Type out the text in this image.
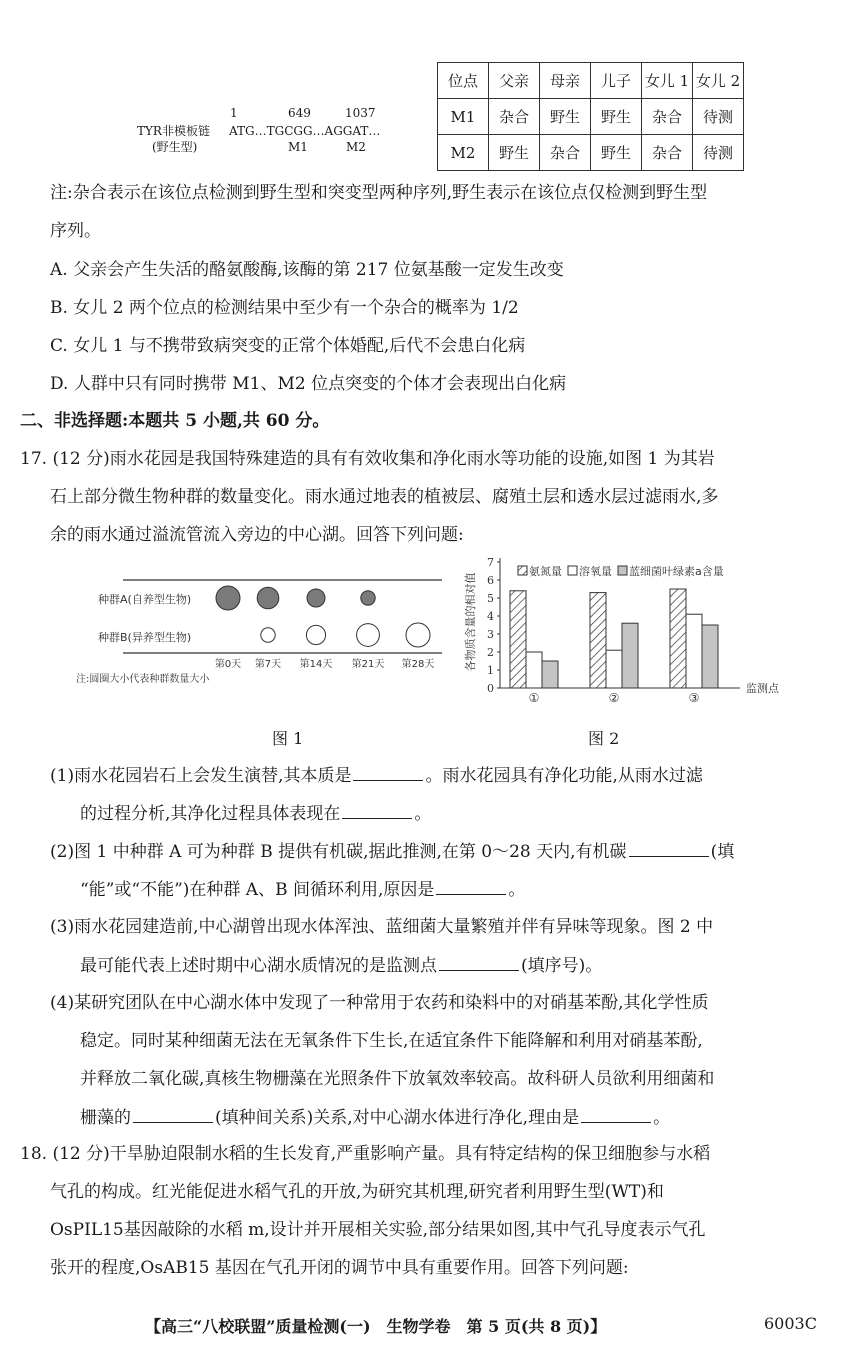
1	649	1037
TYR非模板链 ATG…TGCGG…AGGAT…
(野生型)	M1	M2
位点	父亲	母亲	儿子	女儿 1	女儿 2
M1	杂合	野生	野生	杂合	待测
M2	野生	杂合	野生	杂合	待测
注:杂合表示在该位点检测到野生型和突变型两种序列,野生表示在该位点仅检测到野生型
序列。
A. 父亲会产生失活的酪氨酸酶,该酶的第 217 位氨基酸一定发生改变
B. 女儿 2 两个位点的检测结果中至少有一个杂合的概率为 1/2
C. 女儿 1 与不携带致病突变的正常个体婚配,后代不会患白化病
D. 人群中只有同时携带 M1、M2 位点突变的个体才会表现出白化病
二、非选择题:本题共 5 小题,共 60 分。
17. (12 分)雨水花园是我国特殊建造的具有有效收集和净化雨水等功能的设施,如图 1 为其岩
石上部分微生物种群的数量变化。雨水通过地表的植被层、腐殖土层和透水层过滤雨水,多
余的雨水通过溢流管流入旁边的中心湖。回答下列问题:
种群A(自养型生物)
种群B(异养型生物)
第0天 第7天 第14天 第21天 第28天
注:圆圈大小代表种群数量大小
图 1
0
1
2
3
4
5
6
7
各物质含量的相对值
监测点
①	②	③
氨氮量 溶氧量 蓝细菌叶绿素a含量
图 2
(1)雨水花园岩石上会发生演替,其本质是	。雨水花园具有净化功能,从雨水过滤
的过程分析,其净化过程具体表现在	。
(2)图 1 中种群 A 可为种群 B 提供有机碳,据此推测,在第 0～28 天内,有机碳	(填
“能”或“不能”)在种群 A、B 间循环利用,原因是	。
(3)雨水花园建造前,中心湖曾出现水体浑浊、蓝细菌大量繁殖并伴有异味等现象。图 2 中
最可能代表上述时期中心湖水质情况的是监测点	(填序号)。
(4)某研究团队在中心湖水体中发现了一种常用于农药和染料中的对硝基苯酚,其化学性质
稳定。同时某种细菌无法在无氧条件下生长,在适宜条件下能降解和利用对硝基苯酚,
并释放二氧化碳,真核生物栅藻在光照条件下放氧效率较高。故科研人员欲利用细菌和
栅藻的	(填种间关系)关系,对中心湖水体进行净化,理由是	。
18. (12 分)干旱胁迫限制水稻的生长发育,严重影响产量。具有特定结构的保卫细胞参与水稻
气孔的构成。红光能促进水稻气孔的开放,为研究其机理,研究者利用野生型(WT)和
OsPIL15基因敲除的水稻 m,设计并开展相关实验,部分结果如图,其中气孔导度表示气孔
张开的程度,OsAB15 基因在气孔开闭的调节中具有重要作用。回答下列问题:
【高三“八校联盟”质量检测(一)　生物学卷　第 5 页(共 8 页)】	6003C
